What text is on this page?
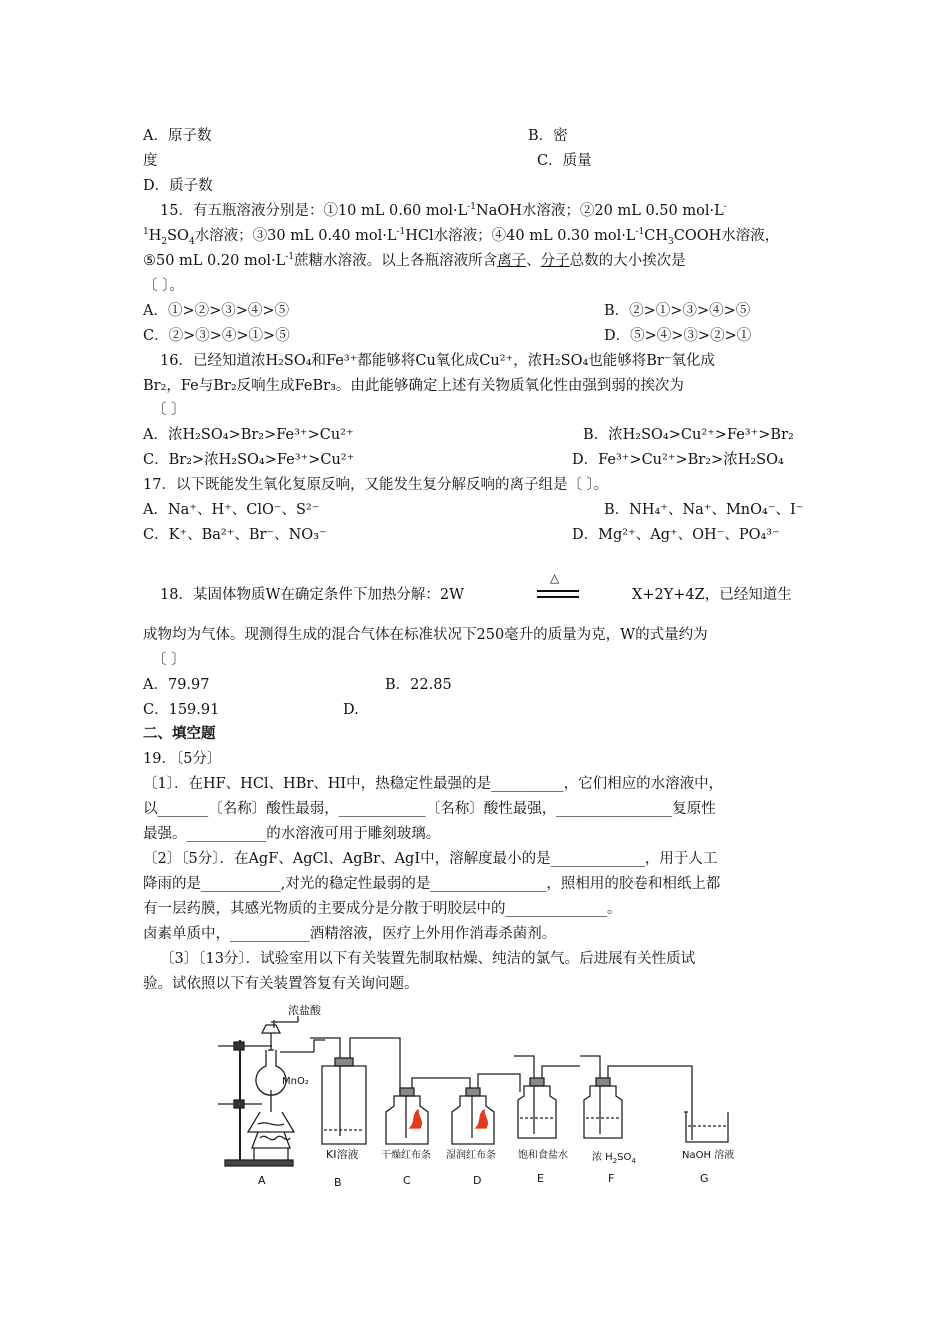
A．原子数	B．密
度	C．质量
D．质子数
15．有五瓶溶液分别是：①10 mL 0.60 $mol\cdot L^{-1}NaOH$水溶液；②20 mL 0.50 mol·L-
$^1H_2SO_4$水溶液；③30 mL 0.40 $mol\cdot L^{-1}HCl$水溶液；④40 mL 0.30 $mol\cdot L^{-1}CH_3COOH$水溶液，
⑤50 mL 0.20 $mol\cdot L^{-1}$蔗糖水溶液。以上各瓶溶液所含离子、分子总数的大小挨次是
〔 〕。
A．①>②>③>④>⑤	B．②>①>③>④>⑤
C．②>③>④>①>⑤	D．⑤>④>③>②>①
16．已经知道浓H₂SO₄和Fe³⁺都能够将Cu氧化成Cu²⁺，浓H₂SO₄也能够将Br⁻氧化成
Br₂，Fe与Br₂反响生成FeBr₃。由此能够确定上述有关物质氧化性由强到弱的挨次为
〔 〕
A．浓H₂SO₄>Br₂>Fe³⁺>Cu²⁺	B．浓H₂SO₄>Cu²⁺>Fe³⁺>Br₂
C．Br₂>浓H₂SO₄>Fe³⁺>Cu²⁺	D．Fe³⁺>Cu²⁺>Br₂>浓H₂SO₄
17．以下既能发生氧化复原反响，又能发生复分解反响的离子组是〔 〕。
A．Na⁺、H⁺、ClO⁻、S²⁻	B．NH₄⁺、Na⁺、MnO₄⁻、I⁻
C．K⁺、Ba²⁺、Br⁻、NO₃⁻	D．Mg²⁺、Ag⁺、OH⁻、PO₄³⁻
18．某固体物质W在确定条件下加热分解：2W
△
X+2Y+4Z，已经知道生
成物均为气体。现测得生成的混合气体在标准状况下250毫升的质量为克，W的式量约为
〔 〕
A．79.97	B．22.85
C．159.91	D.
二、填空题
19．〔5分〕
〔1〕．在HF、HCl、HBr、HI中，热稳定性最强的是__________，它们相应的水溶液中，
以_______〔名称〕酸性最弱，____________〔名称〕酸性最强，________________复原性
最强。___________的水溶液可用于雕刻玻璃。
〔2〕〔5分〕．在AgF、AgCl、AgBr、AgI中，溶解度最小的是_____________，用于人工
降雨的是___________,对光的稳定性最弱的是________________，照相用的胶卷和相纸上都
有一层药膜，其感光物质的主要成分是分散于明胶层中的______________。
卤素单质中，___________酒精溶液，医疗上外用作消毒杀菌剂。
〔3〕〔13分〕．试验室用以下有关装置先制取枯燥、纯洁的氯气。后进展有关性质试
验。试依照以下有关装置答复有关询问题。
浓盐酸
MnO₂
KI溶液 干燥红布条 湿润红布条 饱和食盐水 浓 $H_2SO_4$	NaOH 溶液
A	B	C	D	E	F	G
